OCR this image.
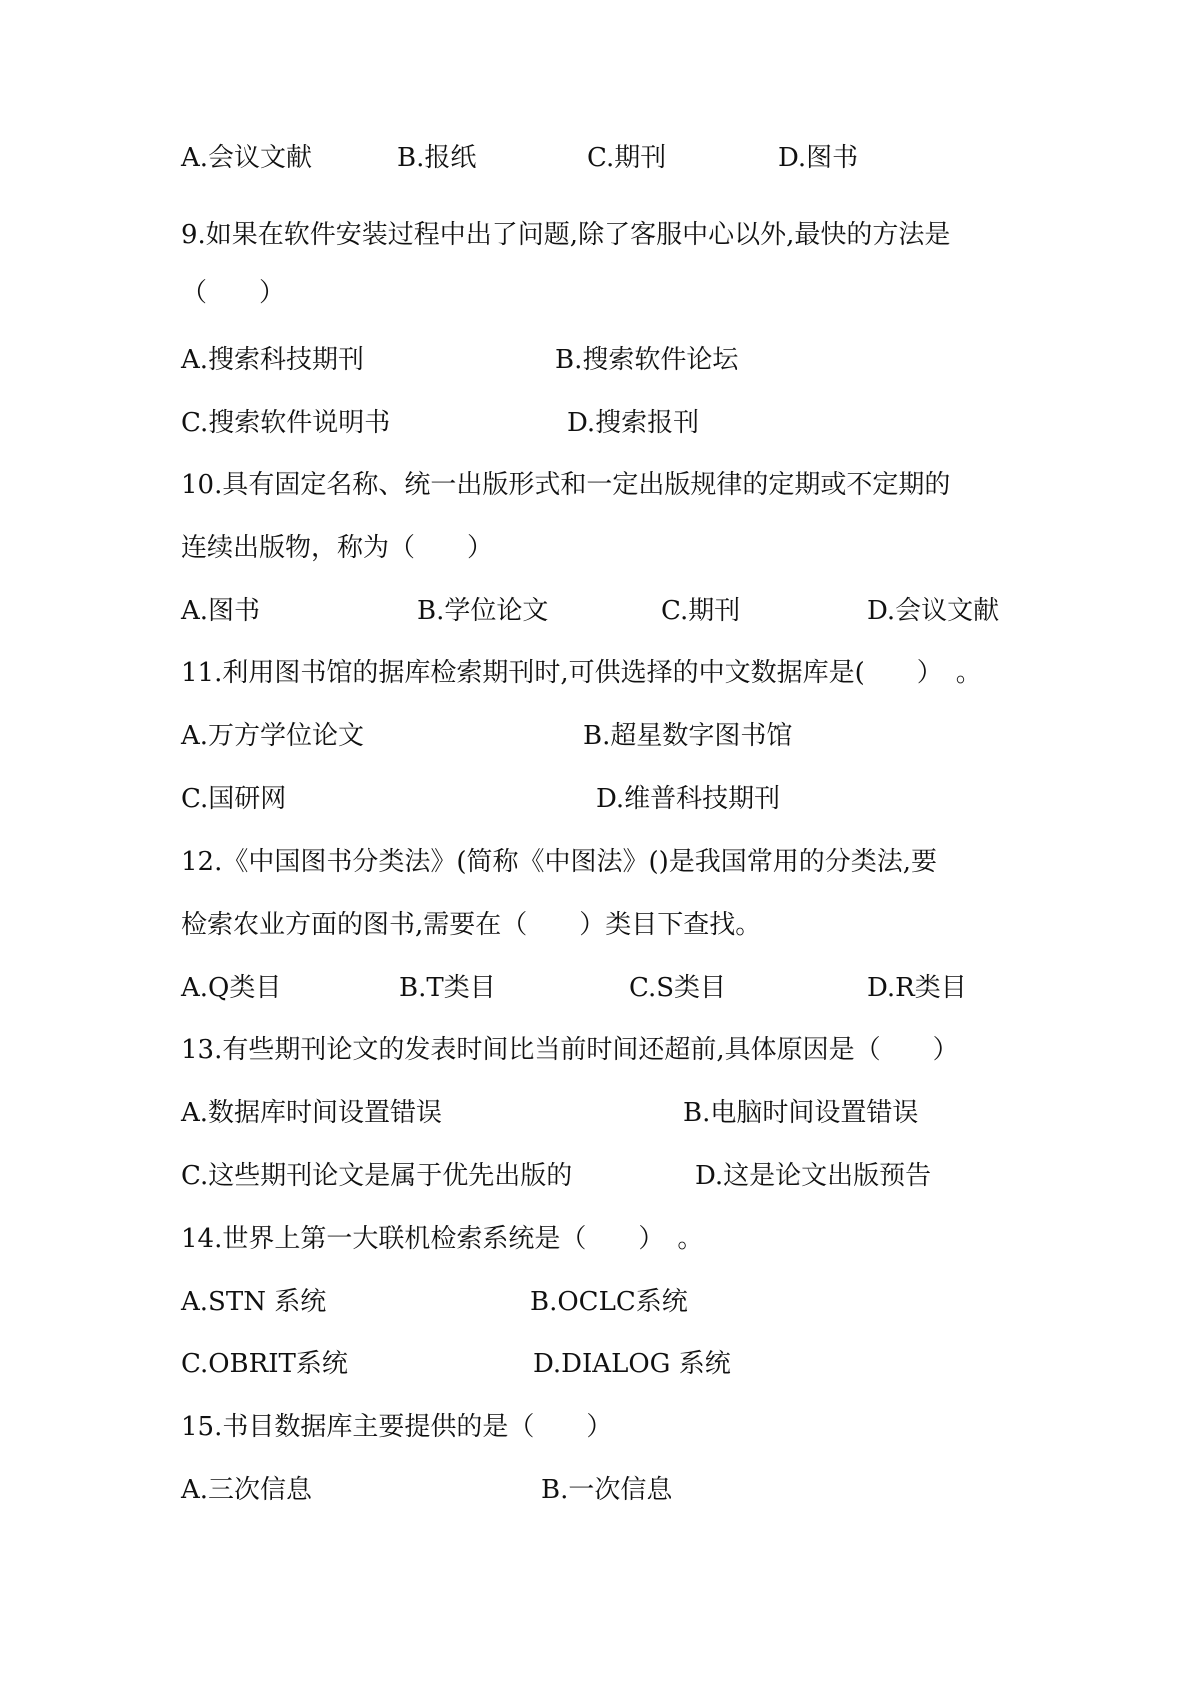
A.会议文献	B.报纸	C.期刊	D.图书
9.如果在软件安装过程中出了问题,除了客服中心以外,最快的方法是
（　　）
A.搜索科技期刊	B.搜索软件论坛
C.搜索软件说明书	D.搜索报刊
10.具有固定名称、统一出版形式和一定出版规律的定期或不定期的
连续出版物，称为（　　）
A.图书	B.学位论文	C.期刊	D.会议文献
11.利用图书馆的据库检索期刊时,可供选择的中文数据库是(　　）　。
A.万方学位论文	B.超星数字图书馆
C.国研网	D.维普科技期刊
12.《中国图书分类法》(简称《中图法》()是我国常用的分类法,要
检索农业方面的图书,需要在（　　）类目下查找。
A.Q类目	B.T类目	C.S类目	D.R类目
13.有些期刊论文的发表时间比当前时间还超前,具体原因是（　　）
A.数据库时间设置错误	B.电脑时间设置错误
C.这些期刊论文是属于优先出版的	D.这是论文出版预告
14.世界上第一大联机检索系统是（　　）　。
A.STN 系统	B.OCLC系统
C.OBRIT系统	D.DIALOG 系统
15.书目数据库主要提供的是（　　）
A.三次信息	B.一次信息
